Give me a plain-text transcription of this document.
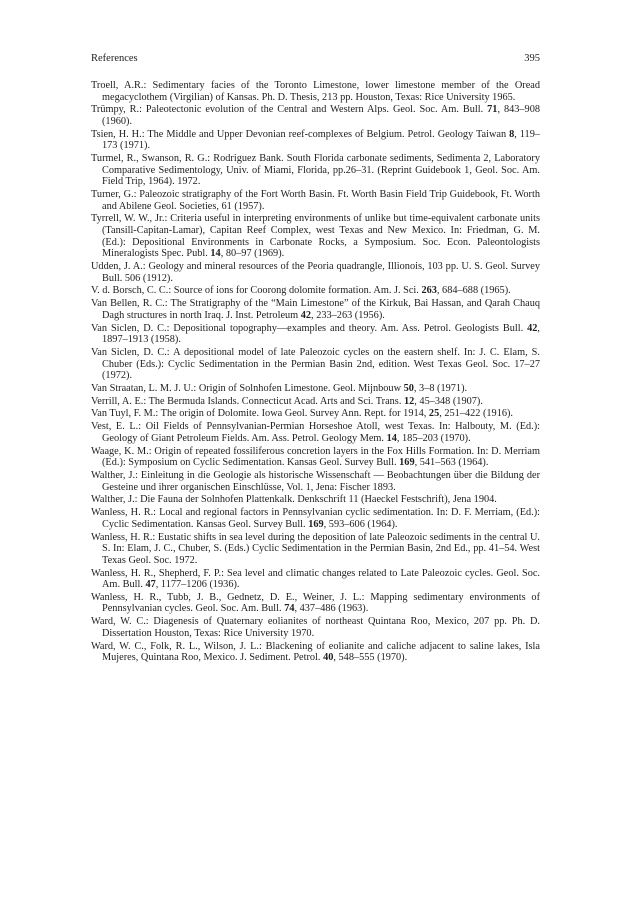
References	395
Troell, A.R.: Sedimentary facies of the Toronto Limestone, lower limestone member of the Oread megacyclothem (Virgilian) of Kansas. Ph. D. Thesis, 213 pp. Houston, Texas: Rice University 1965.
Trümpy, R.: Paleotectonic evolution of the Central and Western Alps. Geol. Soc. Am. Bull. 71, 843–908 (1960).
Tsien, H. H.: The Middle and Upper Devonian reef-complexes of Belgium. Petrol. Geology Taiwan 8, 119–173 (1971).
Turmel, R., Swanson, R. G.: Rodriguez Bank. South Florida carbonate sediments, Sedimenta 2, Laboratory Comparative Sedimentology, Univ. of Miami, Florida, pp.26–31. (Reprint Guidebook 1, Geol. Soc. Am. Field Trip, 1964). 1972.
Turner, G.: Paleozoic stratigraphy of the Fort Worth Basin. Ft. Worth Basin Field Trip Guidebook, Ft. Worth and Abilene Geol. Societies, 61 (1957).
Tyrrell, W. W., Jr.: Criteria useful in interpreting environments of unlike but time-equivalent carbonate units (Tansill-Capitan-Lamar), Capitan Reef Complex, west Texas and New Mexico. In: Friedman, G. M. (Ed.): Depositional Environments in Carbonate Rocks, a Symposium. Soc. Econ. Paleontologists Mineralogists Spec. Publ. 14, 80–97 (1969).
Udden, J. A.: Geology and mineral resources of the Peoria quadrangle, Illionois, 103 pp. U. S. Geol. Survey Bull. 506 (1912).
V. d. Borsch, C. C.: Source of ions for Coorong dolomite formation. Am. J. Sci. 263, 684–688 (1965).
Van Bellen, R. C.: The Stratigraphy of the “Main Limestone” of the Kirkuk, Bai Hassan, and Qarah Chauq Dagh structures in north Iraq. J. Inst. Petroleum 42, 233–263 (1956).
Van Siclen, D. C.: Depositional topography—examples and theory. Am. Ass. Petrol. Geologists Bull. 42, 1897–1913 (1958).
Van Siclen, D. C.: A depositional model of late Paleozoic cycles on the eastern shelf. In: J. C. Elam, S. Chuber (Eds.): Cyclic Sedimentation in the Permian Basin 2nd, edition. West Texas Geol. Soc. 17–27 (1972).
Van Straatan, L. M. J. U.: Origin of Solnhofen Limestone. Geol. Mijnbouw 50, 3–8 (1971).
Verrill, A. E.: The Bermuda Islands. Connecticut Acad. Arts and Sci. Trans. 12, 45–348 (1907).
Van Tuyl, F. M.: The origin of Dolomite. Iowa Geol. Survey Ann. Rept. for 1914, 25, 251–422 (1916).
Vest, E. L.: Oil Fields of Pennsylvanian-Permian Horseshoe Atoll, west Texas. In: Halbouty, M. (Ed.): Geology of Giant Petroleum Fields. Am. Ass. Petrol. Geology Mem. 14, 185–203 (1970).
Waage, K. M.: Origin of repeated fossiliferous concretion layers in the Fox Hills Formation. In: D. Merriam (Ed.): Symposium on Cyclic Sedimentation. Kansas Geol. Survey Bull. 169, 541–563 (1964).
Walther, J.: Einleitung in die Geologie als historische Wissenschaft — Beobachtungen über die Bildung der Gesteine und ihrer organischen Einschlüsse, Vol. 1, Jena: Fischer 1893.
Walther, J.: Die Fauna der Solnhofen Plattenkalk. Denkschrift 11 (Haeckel Festschrift), Jena 1904.
Wanless, H. R.: Local and regional factors in Pennsylvanian cyclic sedimentation. In: D. F. Merriam, (Ed.): Cyclic Sedimentation. Kansas Geol. Survey Bull. 169, 593–606 (1964).
Wanless, H. R.: Eustatic shifts in sea level during the deposition of late Paleozoic sediments in the central U. S. In: Elam, J. C., Chuber, S. (Eds.) Cyclic Sedimentation in the Permian Basin, 2nd Ed., pp. 41–54. West Texas Geol. Soc. 1972.
Wanless, H. R., Shepherd, F. P.: Sea level and climatic changes related to Late Paleozoic cycles. Geol. Soc. Am. Bull. 47, 1177–1206 (1936).
Wanless, H. R., Tubb, J. B., Gednetz, D. E., Weiner, J. L.: Mapping sedimentary environments of Pennsylvanian cycles. Geol. Soc. Am. Bull. 74, 437–486 (1963).
Ward, W. C.: Diagenesis of Quaternary eolianites of northeast Quintana Roo, Mexico, 207 pp. Ph. D. Dissertation Houston, Texas: Rice University 1970.
Ward, W. C., Folk, R. L., Wilson, J. L.: Blackening of eolianite and caliche adjacent to saline lakes, Isla Mujeres, Quintana Roo, Mexico. J. Sediment. Petrol. 40, 548–555 (1970).
